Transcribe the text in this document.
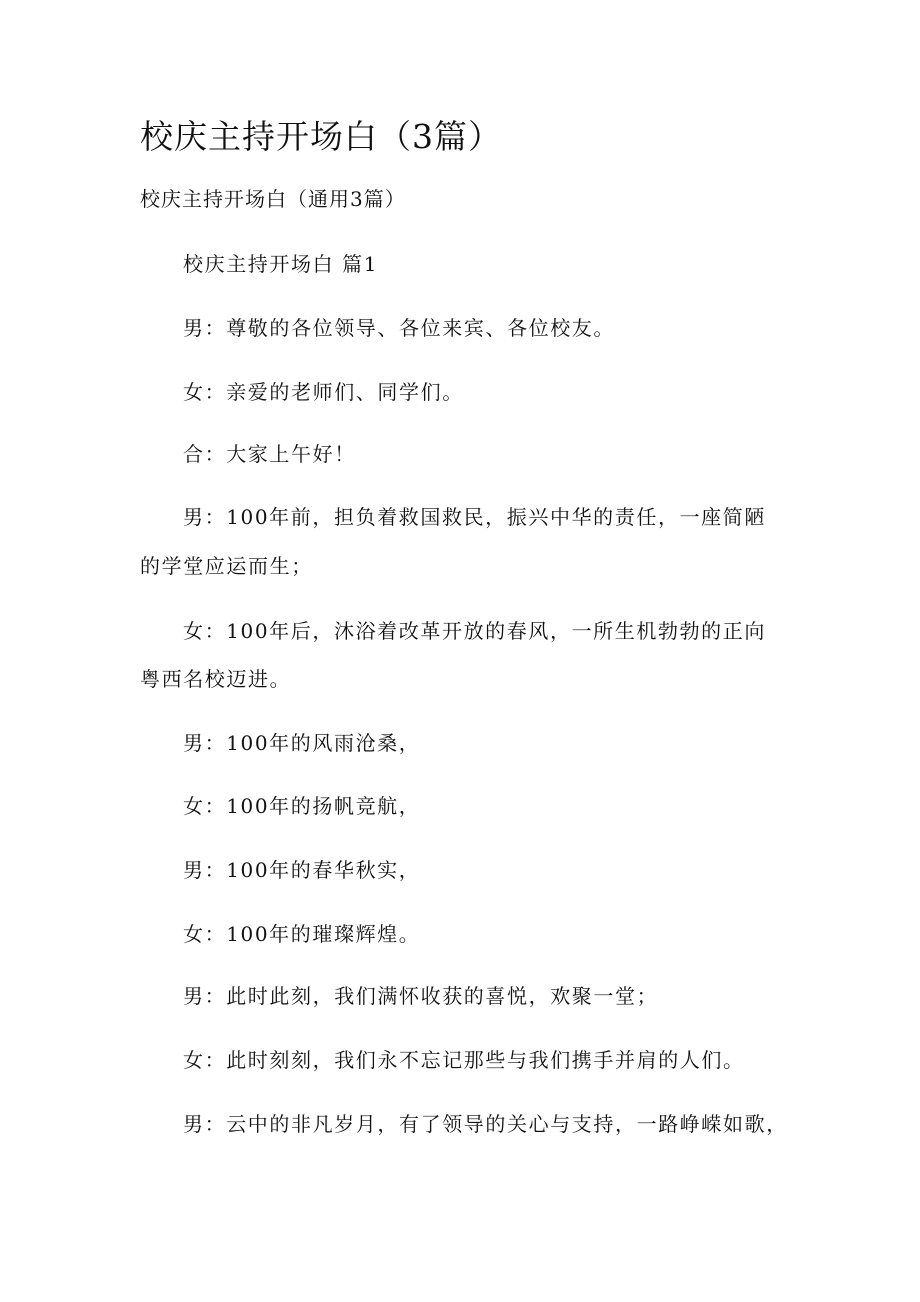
校庆主持开场白（3篇）
校庆主持开场白（通用3篇）
校庆主持开场白 篇1
男：尊敬的各位领导、各位来宾、各位校友。
女：亲爱的老师们、同学们。
合：大家上午好！
男：100年前，担负着救国救民，振兴中华的责任，一座简陋
的学堂应运而生；
女：100年后，沐浴着改革开放的春风，一所生机勃勃的正向
粤西名校迈进。
男：100年的风雨沧桑，
女：100年的扬帆竞航，
男：100年的春华秋实，
女：100年的璀璨辉煌。
男：此时此刻，我们满怀收获的喜悦，欢聚一堂；
女：此时刻刻，我们永不忘记那些与我们携手并肩的人们。
男：云中的非凡岁月，有了领导的关心与支持，一路峥嵘如歌，
